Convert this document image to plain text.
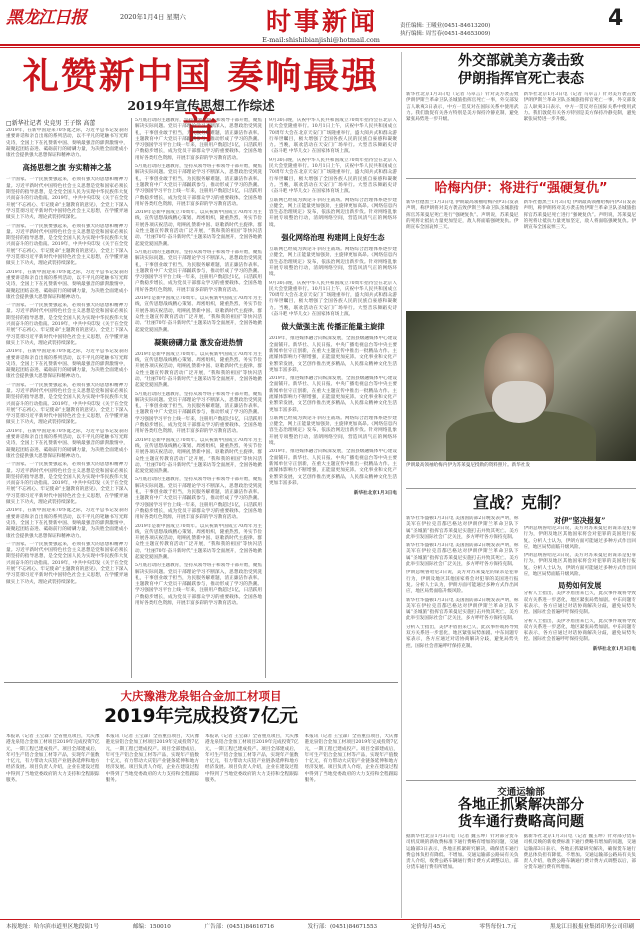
黑龙江日报	2020年1月4日 星期六	时事新闻
E-mail:shishibianjishi@hotmail.com
责任编辑: 王曦业(0451-84613200)
执行编辑: 周雪春(0451-84653009)
4
礼赞新中国 奏响最强音
2019年宣传思想工作综述
□新华社记者 史竞男 王子铭 高蕾
2019年，在新中国迎来70华诞之际，习近平总书记发表的重要讲话和亲自出席的系列活动，以不平凡的笔触书写光辉史诗，全国上下在礼赞新中国、奏响最强音的澎湃激情中，凝聚起团结奋进、砥砺前行的磅礴力量，为决胜全面建成小康社会提供强大思想保证和精神动力。
高扬思想之旗 夯实精神之基
一个国家、一个民族要强起来，必须有强大的思想和精神力量。习近平新时代中国特色社会主义思想是党和国家必须长期坚持的指导思想，是全党全国人民为实现中华民族伟大复兴而奋斗的行动指南。2019年，中共中央印发《关于在全党开展“不忘初心、牢记使命”主题教育的意见》，全党上下深入学习贯彻习近平新时代中国特色社会主义思想，在学懂弄通做实上下功夫，理论武装持续深化。
一个国家、一个民族要强起来，必须有强大的思想和精神力量。习近平新时代中国特色社会主义思想是党和国家必须长期坚持的指导思想，是全党全国人民为实现中华民族伟大复兴而奋斗的行动指南。2019年，中共中央印发《关于在全党开展“不忘初心、牢记使命”主题教育的意见》，全党上下深入学习贯彻习近平新时代中国特色社会主义思想，在学懂弄通做实上下功夫，理论武装持续深化。
2019年，在新中国迎来70华诞之际，习近平总书记发表的重要讲话和亲自出席的系列活动，以不平凡的笔触书写光辉史诗，全国上下在礼赞新中国、奏响最强音的澎湃激情中，凝聚起团结奋进、砥砺前行的磅礴力量，为决胜全面建成小康社会提供强大思想保证和精神动力。
一个国家、一个民族要强起来，必须有强大的思想和精神力量。习近平新时代中国特色社会主义思想是党和国家必须长期坚持的指导思想，是全党全国人民为实现中华民族伟大复兴而奋斗的行动指南。2019年，中共中央印发《关于在全党开展“不忘初心、牢记使命”主题教育的意见》，全党上下深入学习贯彻习近平新时代中国特色社会主义思想，在学懂弄通做实上下功夫，理论武装持续深化。
2019年，在新中国迎来70华诞之际，习近平总书记发表的重要讲话和亲自出席的系列活动，以不平凡的笔触书写光辉史诗，全国上下在礼赞新中国、奏响最强音的澎湃激情中，凝聚起团结奋进、砥砺前行的磅礴力量，为决胜全面建成小康社会提供强大思想保证和精神动力。
一个国家、一个民族要强起来，必须有强大的思想和精神力量。习近平新时代中国特色社会主义思想是党和国家必须长期坚持的指导思想，是全党全国人民为实现中华民族伟大复兴而奋斗的行动指南。2019年，中共中央印发《关于在全党开展“不忘初心、牢记使命”主题教育的意见》，全党上下深入学习贯彻习近平新时代中国特色社会主义思想，在学懂弄通做实上下功夫，理论武装持续深化。
2019年，在新中国迎来70华诞之际，习近平总书记发表的重要讲话和亲自出席的系列活动，以不平凡的笔触书写光辉史诗，全国上下在礼赞新中国、奏响最强音的澎湃激情中，凝聚起团结奋进、砥砺前行的磅礴力量，为决胜全面建成小康社会提供强大思想保证和精神动力。
一个国家、一个民族要强起来，必须有强大的思想和精神力量。习近平新时代中国特色社会主义思想是党和国家必须长期坚持的指导思想，是全党全国人民为实现中华民族伟大复兴而奋斗的行动指南。2019年，中共中央印发《关于在全党开展“不忘初心、牢记使命”主题教育的意见》，全党上下深入学习贯彻习近平新时代中国特色社会主义思想，在学懂弄通做实上下功夫，理论武装持续深化。
2019年，在新中国迎来70华诞之际，习近平总书记发表的重要讲话和亲自出席的系列活动，以不平凡的笔触书写光辉史诗，全国上下在礼赞新中国、奏响最强音的澎湃激情中，凝聚起团结奋进、砥砺前行的磅礴力量，为决胜全面建成小康社会提供强大思想保证和精神动力。
一个国家、一个民族要强起来，必须有强大的思想和精神力量。习近平新时代中国特色社会主义思想是党和国家必须长期坚持的指导思想，是全党全国人民为实现中华民族伟大复兴而奋斗的行动指南。2019年，中共中央印发《关于在全党开展“不忘初心、牢记使命”主题教育的意见》，全党上下深入学习贯彻习近平新时代中国特色社会主义思想，在学懂弄通做实上下功夫，理论武装持续深化。
5月底启动的主题教育，坚持从领导班子和领导干部开始，聚焦解决实际问题。党员干部理论学习不断深入，思想政治受到洗礼，干事创业敢于担当，为民服务解难题，清正廉洁作表率。主题教育中广大党员干部踊跃参与，推动形成了学习的热潮。学习强国学习平台上线一年来，注册用户数超过1亿，日活跃用户数稳步增长，成为党员干部群众学习的重要载体。全国各地用好各类红色资源，开展丰富多彩的学习教育活动。
5月底启动的主题教育，坚持从领导班子和领导干部开始，聚焦解决实际问题。党员干部理论学习不断深入，思想政治受到洗礼，干事创业敢于担当，为民服务解难题，清正廉洁作表率。主题教育中广大党员干部踊跃参与，推动形成了学习的热潮。学习强国学习平台上线一年来，注册用户数超过1亿，日活跃用户数稳步增长，成为党员干部群众学习的重要载体。全国各地用好各类红色资源，开展丰富多彩的学习教育活动。
2019年是新中国成立70周年。以庆祝新中国成立70周年为主线，宣传思想战线精心策划、周密组织，隆重热烈、务实节俭开展各项庆祝活动，唱响礼赞新中国、讴歌新时代主旋律。群众性主题宣传教育活动广泛开展，“我和我的祖国”等快闪活动、“壮丽70年·奋斗新时代”主题采访等全面展开，全国各地掀起爱党爱国热潮。
5月底启动的主题教育，坚持从领导班子和领导干部开始，聚焦解决实际问题。党员干部理论学习不断深入，思想政治受到洗礼，干事创业敢于担当，为民服务解难题，清正廉洁作表率。主题教育中广大党员干部踊跃参与，推动形成了学习的热潮。学习强国学习平台上线一年来，注册用户数超过1亿，日活跃用户数稳步增长，成为党员干部群众学习的重要载体。全国各地用好各类红色资源，开展丰富多彩的学习教育活动。
2019年是新中国成立70周年。以庆祝新中国成立70周年为主线，宣传思想战线精心策划、周密组织，隆重热烈、务实节俭开展各项庆祝活动，唱响礼赞新中国、讴歌新时代主旋律。群众性主题宣传教育活动广泛开展，“我和我的祖国”等快闪活动、“壮丽70年·奋斗新时代”主题采访等全面展开，全国各地掀起爱党爱国热潮。
凝聚磅礴力量 激发奋进热情
2019年是新中国成立70周年。以庆祝新中国成立70周年为主线，宣传思想战线精心策划、周密组织，隆重热烈、务实节俭开展各项庆祝活动，唱响礼赞新中国、讴歌新时代主旋律。群众性主题宣传教育活动广泛开展，“我和我的祖国”等快闪活动、“壮丽70年·奋斗新时代”主题采访等全面展开，全国各地掀起爱党爱国热潮。
5月底启动的主题教育，坚持从领导班子和领导干部开始，聚焦解决实际问题。党员干部理论学习不断深入，思想政治受到洗礼，干事创业敢于担当，为民服务解难题，清正廉洁作表率。主题教育中广大党员干部踊跃参与，推动形成了学习的热潮。学习强国学习平台上线一年来，注册用户数超过1亿，日活跃用户数稳步增长，成为党员干部群众学习的重要载体。全国各地用好各类红色资源，开展丰富多彩的学习教育活动。
2019年是新中国成立70周年。以庆祝新中国成立70周年为主线，宣传思想战线精心策划、周密组织，隆重热烈、务实节俭开展各项庆祝活动，唱响礼赞新中国、讴歌新时代主旋律。群众性主题宣传教育活动广泛开展，“我和我的祖国”等快闪活动、“壮丽70年·奋斗新时代”主题采访等全面展开，全国各地掀起爱党爱国热潮。
5月底启动的主题教育，坚持从领导班子和领导干部开始，聚焦解决实际问题。党员干部理论学习不断深入，思想政治受到洗礼，干事创业敢于担当，为民服务解难题，清正廉洁作表率。主题教育中广大党员干部踊跃参与，推动形成了学习的热潮。学习强国学习平台上线一年来，注册用户数超过1亿，日活跃用户数稳步增长，成为党员干部群众学习的重要载体。全国各地用好各类红色资源，开展丰富多彩的学习教育活动。
2019年是新中国成立70周年。以庆祝新中国成立70周年为主线，宣传思想战线精心策划、周密组织，隆重热烈、务实节俭开展各项庆祝活动，唱响礼赞新中国、讴歌新时代主旋律。群众性主题宣传教育活动广泛开展，“我和我的祖国”等快闪活动、“壮丽70年·奋斗新时代”主题采访等全面展开，全国各地掀起爱党爱国热潮。
5月底启动的主题教育，坚持从领导班子和领导干部开始，聚焦解决实际问题。党员干部理论学习不断深入，思想政治受到洗礼，干事创业敢于担当，为民服务解难题，清正廉洁作表率。主题教育中广大党员干部踊跃参与，推动形成了学习的热潮。学习强国学习平台上线一年来，注册用户数超过1亿，日活跃用户数稳步增长，成为党员干部群众学习的重要载体。全国各地用好各类红色资源，开展丰富多彩的学习教育活动。
9月30日晚，庆祝中华人民共和国成立70周年招待会在北京人民大会堂隆重举行。10月1日上午，庆祝中华人民共和国成立70周年大会在北京天安门广场隆重举行，盛大阅兵式和群众游行举世瞩目，极大增强了全国各族人民的民族自豪感和凝聚力。当晚，联欢活动在天安门广场举行。大型音乐舞蹈史诗《奋斗吧 中华儿女》在国家体育场上演。
9月30日晚，庆祝中华人民共和国成立70周年招待会在北京人民大会堂隆重举行。10月1日上午，庆祝中华人民共和国成立70周年大会在北京天安门广场隆重举行，盛大阅兵式和群众游行举世瞩目，极大增强了全国各族人民的民族自豪感和凝聚力。当晚，联欢活动在天安门广场举行。大型音乐舞蹈史诗《奋斗吧 中华儿女》在国家体育场上演。
互联网已经成为舆论斗争的主战场。网络综合治理体系逐步建立健全，网上正能量更加强劲，主旋律更加高昂。《网络信息内容生态治理规定》发布，依法治网迈出新步伐。针对网络乱象开展专项整治行动，清朗网络空间，营造风清气正的网络环境。
强化网络治理 构建网上良好生态
互联网已经成为舆论斗争的主战场。网络综合治理体系逐步建立健全，网上正能量更加强劲，主旋律更加高昂。《网络信息内容生态治理规定》发布，依法治网迈出新步伐。针对网络乱象开展专项整治行动，清朗网络空间，营造风清气正的网络环境。
9月30日晚，庆祝中华人民共和国成立70周年招待会在北京人民大会堂隆重举行。10月1日上午，庆祝中华人民共和国成立70周年大会在北京天安门广场隆重举行，盛大阅兵式和群众游行举世瞩目，极大增强了全国各族人民的民族自豪感和凝聚力。当晚，联欢活动在天安门广场举行。大型音乐舞蹈史诗《奋斗吧 中华儿女》在国家体育场上演。
做大做强主流 传播正能量主旋律
2019年，推进媒体融合向纵深发展，全国县级融媒体中心建设全面铺开。新华社、人民日报、中央广播电视总台等中央主要新闻单位守正创新，在重大主题宣传中推出一批精品力作。主流媒体影响力不断增强，正能量更加充沛。文化事业和文化产业繁荣发展，文艺创作推出更多精品，人民群众精神文化生活更加丰富多彩。
2019年，推进媒体融合向纵深发展，全国县级融媒体中心建设全面铺开。新华社、人民日报、中央广播电视总台等中央主要新闻单位守正创新，在重大主题宣传中推出一批精品力作。主流媒体影响力不断增强，正能量更加充沛。文化事业和文化产业繁荣发展，文艺创作推出更多精品，人民群众精神文化生活更加丰富多彩。
互联网已经成为舆论斗争的主战场。网络综合治理体系逐步建立健全，网上正能量更加强劲，主旋律更加高昂。《网络信息内容生态治理规定》发布，依法治网迈出新步伐。针对网络乱象开展专项整治行动，清朗网络空间，营造风清气正的网络环境。
2019年，推进媒体融合向纵深发展，全国县级融媒体中心建设全面铺开。新华社、人民日报、中央广播电视总台等中央主要新闻单位守正创新，在重大主题宣传中推出一批精品力作。主流媒体影响力不断增强，正能量更加充沛。文化事业和文化产业繁荣发展，文艺创作推出更多精品，人民群众精神文化生活更加丰富多彩。
新华社北京1月3日电
大庆豫港龙泉铝合金加工材项目
2019年完成投资7亿元
本报讯（记者 王宝森）全省重点项目，大庆豫港龙泉铝合金加工材项目2019年完成投资7亿元，一期工程已建成投产。项目全部建成后，年可生产铝合金加工材等产品，实现年产值数十亿元，有力带动大庆铝产业链条延伸和地方经济发展。项目负责人介绍，企业在建设过程中得到了当地党委政府的大力支持和全程跟踪服务。
本报讯（记者 王宝森）全省重点项目，大庆豫港龙泉铝合金加工材项目2019年完成投资7亿元，一期工程已建成投产。项目全部建成后，年可生产铝合金加工材等产品，实现年产值数十亿元，有力带动大庆铝产业链条延伸和地方经济发展。项目负责人介绍，企业在建设过程中得到了当地党委政府的大力支持和全程跟踪服务。
本报讯（记者 王宝森）全省重点项目，大庆豫港龙泉铝合金加工材项目2019年完成投资7亿元，一期工程已建成投产。项目全部建成后，年可生产铝合金加工材等产品，实现年产值数十亿元，有力带动大庆铝产业链条延伸和地方经济发展。项目负责人介绍，企业在建设过程中得到了当地党委政府的大力支持和全程跟踪服务。
本报讯（记者 王宝森）全省重点项目，大庆豫港龙泉铝合金加工材项目2019年完成投资7亿元，一期工程已建成投产。项目全部建成后，年可生产铝合金加工材等产品，实现年产值数十亿元，有力带动大庆铝产业链条延伸和地方经济发展。项目负责人介绍，企业在建设过程中得到了当地党委政府的大力支持和全程跟踪服务。
外交部就美方袭击致
伊朗指挥官死亡表态
新华社北京1月3日电（记者 马卓言）针对美方袭击致伊朗伊斯兰革命卫队圣城旅指挥官死亡一事，外交部发言人耿爽3日表示，中方一贯反对在国际关系中使用武力。我们敦促有关各方特别是美方保持冷静克制，避免紧张局势进一步升级。
新华社北京1月3日电（记者 马卓言）针对美方袭击致伊朗伊斯兰革命卫队圣城旅指挥官死亡一事，外交部发言人耿爽3日表示，中方一贯反对在国际关系中使用武力。我们敦促有关各方特别是美方保持冷静克制，避免紧张局势进一步升级。
哈梅内伊：将进行“强硬复仇”
新华社德黑兰1月3日电 伊朗最高领袖哈梅内伊3日发表声明，称伊朗将对美方袭击致伊斯兰革命卫队圣城旅指挥官苏莱曼尼死亡进行“强硬复仇”。声明说，苏莱曼尼的死将让抵抗力量更加坚定，敌人将面临强硬复仇。伊朗宣布全国哀悼三天。
新华社德黑兰1月3日电 伊朗最高领袖哈梅内伊3日发表声明，称伊朗将对美方袭击致伊斯兰革命卫队圣城旅指挥官苏莱曼尼死亡进行“强硬复仇”。声明说，苏莱曼尼的死将让抵抗力量更加坚定，敌人将面临强硬复仇。伊朗宣布全国哀悼三天。
伊朗最高领袖哈梅内伊为苏莱曼尼授勋的资料照片。新华社发
宣战？克制？
新华社华盛顿1月3日电 美国国防部2日晚发表声明，称美军在伊拉克首都巴格达对伊朗伊斯兰革命卫队下属“圣城旅”指挥官苏莱曼尼实施打击并致其死亡。美方此举引发国际社会广泛关注，多方呼吁各方保持克制。
新华社华盛顿1月3日电 美国国防部2日晚发表声明，称美军在伊拉克首都巴格达对伊朗伊斯兰革命卫队下属“圣城旅”指挥官苏莱曼尼实施打击并致其死亡。美方此举引发国际社会广泛关注，多方呼吁各方保持克制。
伊朗总统鲁哈尼3日说，美方对苏莱曼尼的谋杀是犯罪行为，伊朗及地区其他国家将会对犯罪的美国进行报复。分析人士认为，伊朗方面可能通过多种方式作出回应，地区局势面临升级风险。
新华社华盛顿1月3日电 美国国防部2日晚发表声明，称美军在伊拉克首都巴格达对伊朗伊斯兰革命卫队下属“圣城旅”指挥官苏莱曼尼实施打击并致其死亡。美方此举引发国际社会广泛关注，多方呼吁各方保持克制。
分析人士指出，美伊矛盾由来已久，此次事件或将导致双方关系进一步恶化，地区紧张局势加剧。中东问题专家表示，各方应通过对话协商解决分歧，避免局势失控。国际社会普遍呼吁保持克制。
对伊“坚决报复”
伊朗总统鲁哈尼3日说，美方对苏莱曼尼的谋杀是犯罪行为，伊朗及地区其他国家将会对犯罪的美国进行报复。分析人士认为，伊朗方面可能通过多种方式作出回应，地区局势面临升级风险。
伊朗总统鲁哈尼3日说，美方对苏莱曼尼的谋杀是犯罪行为，伊朗及地区其他国家将会对犯罪的美国进行报复。分析人士认为，伊朗方面可能通过多种方式作出回应，地区局势面临升级风险。
局势如何发展
分析人士指出，美伊矛盾由来已久，此次事件或将导致双方关系进一步恶化，地区紧张局势加剧。中东问题专家表示，各方应通过对话协商解决分歧，避免局势失控。国际社会普遍呼吁保持克制。
分析人士指出，美伊矛盾由来已久，此次事件或将导致双方关系进一步恶化，地区紧张局势加剧。中东问题专家表示，各方应通过对话协商解决分歧，避免局势失控。国际社会普遍呼吁保持克制。
新华社北京1月3日电
交通运输部
各地正抓紧解决部分
货车通行费略高问题
据新华社北京1月3日电（记者 魏玉坤）针对部分货车司机反映的新收费标准下通行费略有增加的问题，交通运输部3日表示，各地正抓紧研究解决，确保货车通行费总体负担有降低、不增加。交通运输部公路局有关负责人介绍，收费公路车辆通行费计费方式调整以后，部分货车通行费有所增加。
据新华社北京1月3日电（记者 魏玉坤）针对部分货车司机反映的新收费标准下通行费略有增加的问题，交通运输部3日表示，各地正抓紧研究解决，确保货车通行费总体负担有降低、不增加。交通运输部公路局有关负责人介绍，收费公路车辆通行费计费方式调整以后，部分货车通行费有所增加。
本报地址：哈尔滨市道里区地段街1号	邮编：150010	广告部：(0451)84616716	发行部：(0451)84671553	定价每月45元	零售每份1.7元	黑龙江日报报业集团印务公司印刷
